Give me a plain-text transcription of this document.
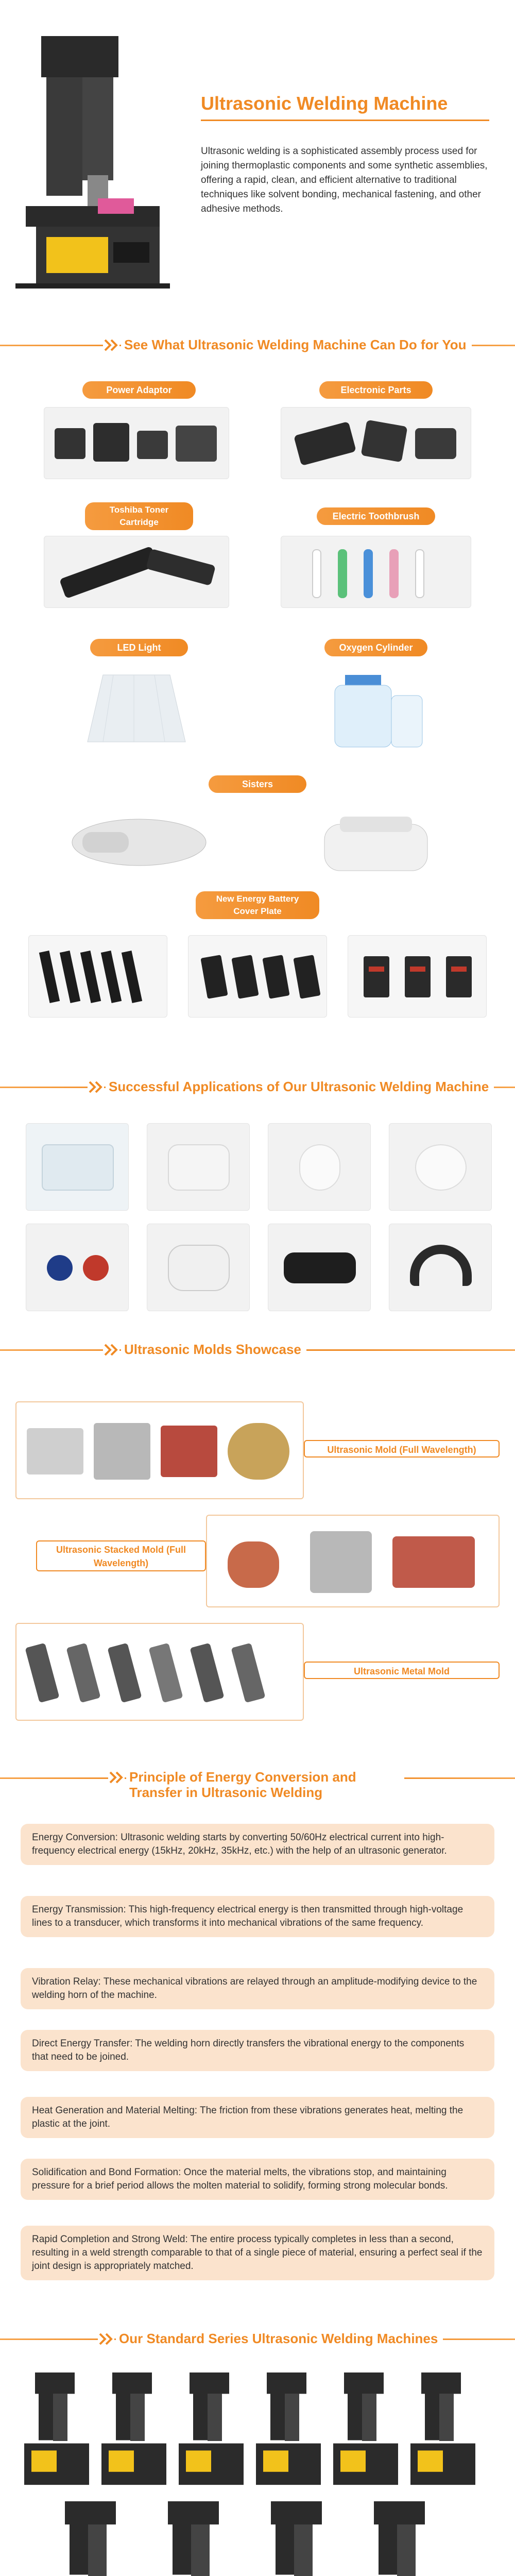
Ultrasonic Welding Machine
Ultrasonic welding is a sophisticated assembly process used for joining thermoplastic components and some synthetic assemblies, offering a rapid, clean, and efficient alternative to traditional techniques like solvent bonding, mechanical fastening, and other adhesive methods.
See What Ultrasonic Welding Machine Can Do for You
Power Adaptor	Electronic Parts
Toshiba Toner Cartridge
Electric Toothbrush
LED Light	Oxygen Cylinder
Sisters
New Energy Battery Cover Plate
Successful Applications of Our Ultrasonic Welding Machine
Ultrasonic Molds Showcase
Ultrasonic Mold (Full Wavelength)
Ultrasonic Stacked Mold (Full Wavelength)
Ultrasonic Metal Mold
Principle of Energy Conversion and Transfer in Ultrasonic Welding
Energy Conversion: Ultrasonic welding starts by converting 50/60Hz electrical current into high-frequency electrical energy (15kHz, 20kHz, 35kHz, etc.) with the help of an ultrasonic generator.
Energy Transmission: This high-frequency electrical energy is then transmitted through high-voltage lines to a transducer, which transforms it into mechanical vibrations of the same frequency.
Vibration Relay: These mechanical vibrations are relayed through an amplitude-modifying device to the welding horn of the machine.
Direct Energy Transfer: The welding horn directly transfers the vibrational energy to the components that need to be joined.
Heat Generation and Material Melting: The friction from these vibrations generates heat, melting the plastic at the joint.
Solidification and Bond Formation: Once the material melts, the vibrations stop, and maintaining pressure for a brief period allows the molten material to solidify, forming strong molecular bonds.
Rapid Completion and Strong Weld: The entire process typically completes in less than a second, resulting in a weld strength comparable to that of a single piece of material, ensuring a perfect seal if the joint design is appropriately matched.
Our Standard Series Ultrasonic Welding Machines
